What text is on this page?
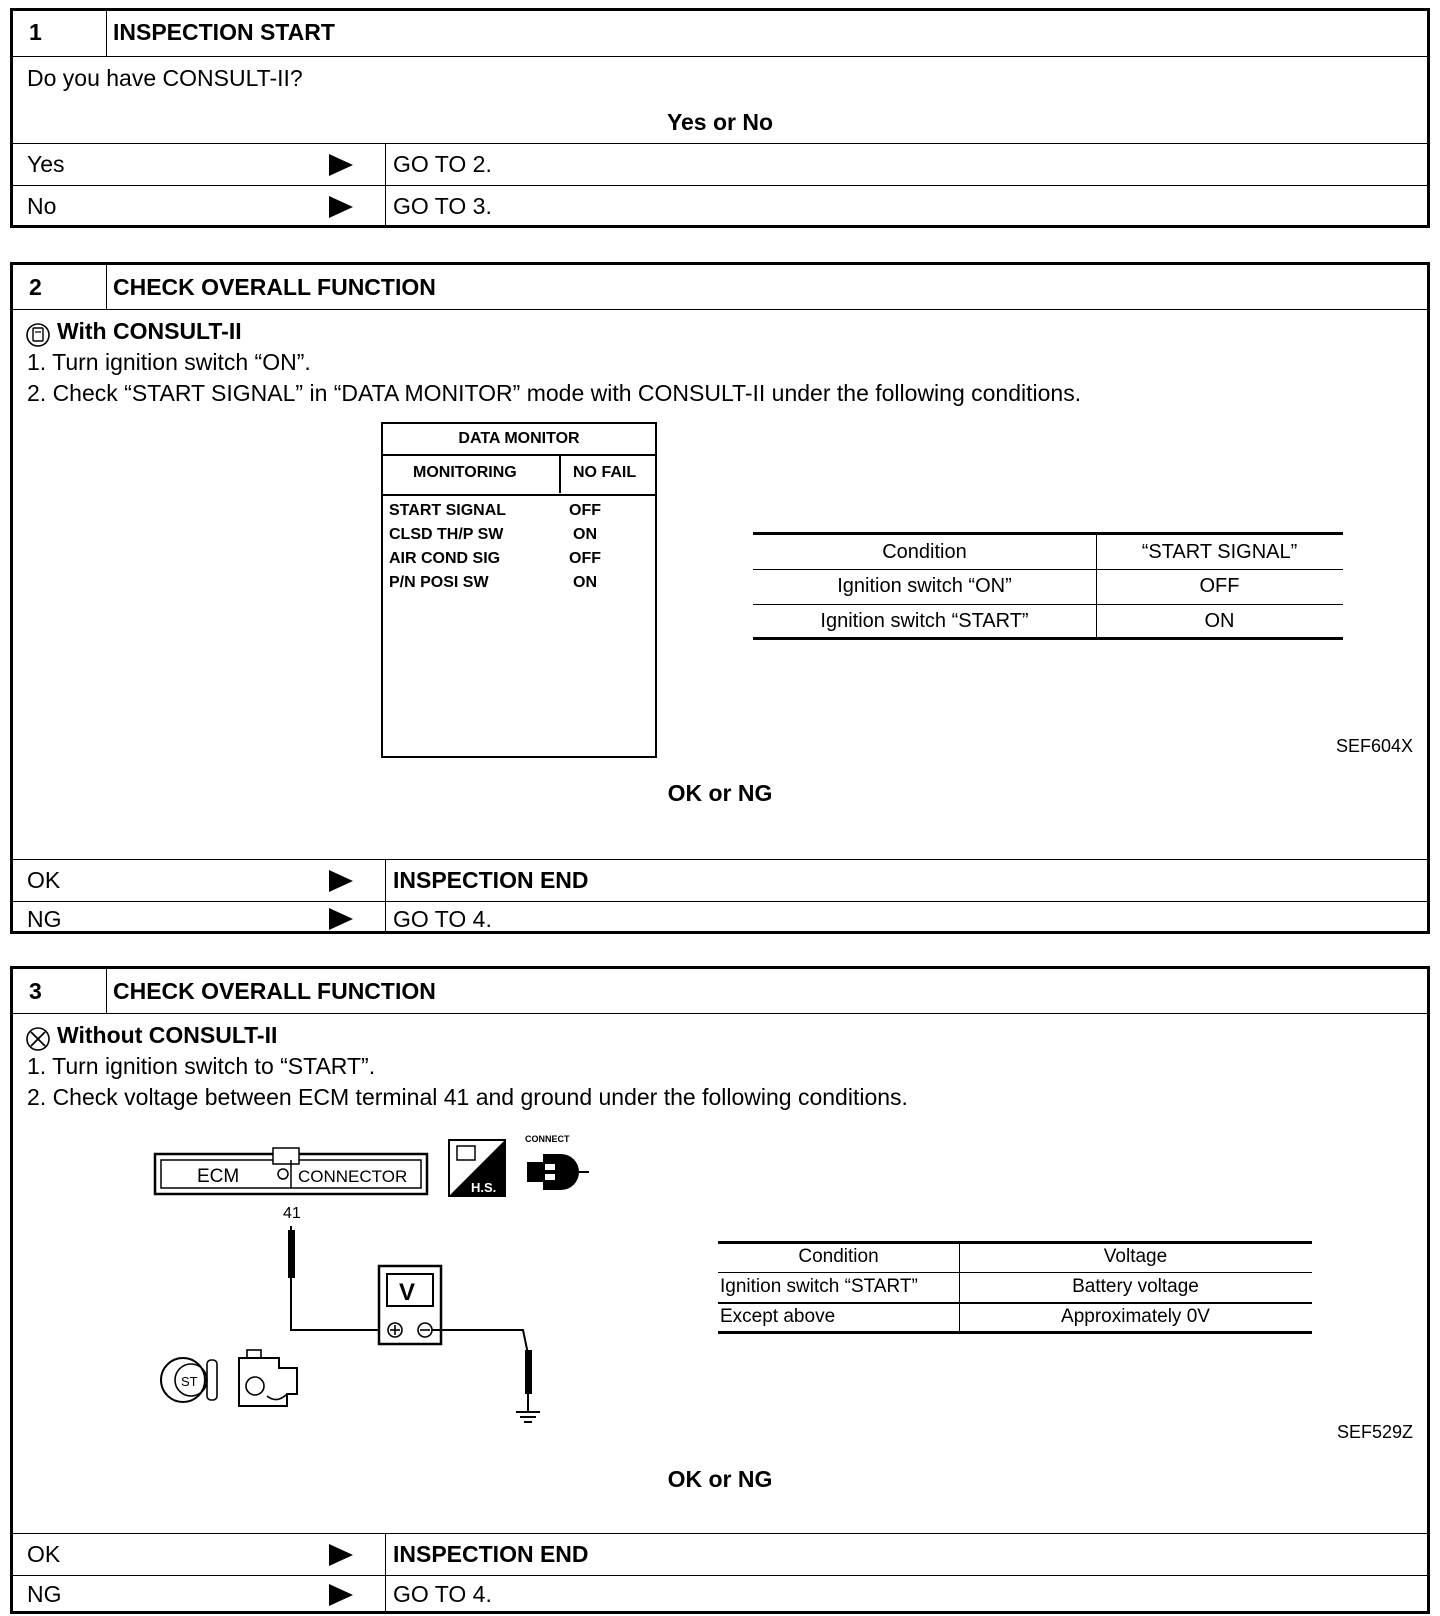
1	INSPECTION START
Do you have CONSULT-II?
Yes or No
Yes	GO TO 2.
No	GO TO 3.
2	CHECK OVERALL FUNCTION
With CONSULT-II
1. Turn ignition switch “ON”.
2. Check “START SIGNAL” in “DATA MONITOR” mode with CONSULT-II under the following conditions.
DATA MONITOR
MONITORING	NO FAIL
START SIGNAL	OFF
CLSD TH/P SW	ON
AIR COND SIG	OFF
P/N POSI SW	ON
Condition	“START SIGNAL”
Ignition switch “ON”	OFF
Ignition switch “START”	ON
SEF604X
OK or NG
OK	INSPECTION END
NG	GO TO 4.
3	CHECK OVERALL FUNCTION
Without CONSULT-II
1. Turn ignition switch to “START”.
2. Check voltage between ECM terminal 41 and ground under the following conditions.
ECM	CONNECTOR
41
V
H.S.
CONNECT
ST
Condition	Voltage
Ignition switch “START”	Battery voltage
Except above	Approximately 0V
SEF529Z
OK or NG
OK	INSPECTION END
NG	GO TO 4.
